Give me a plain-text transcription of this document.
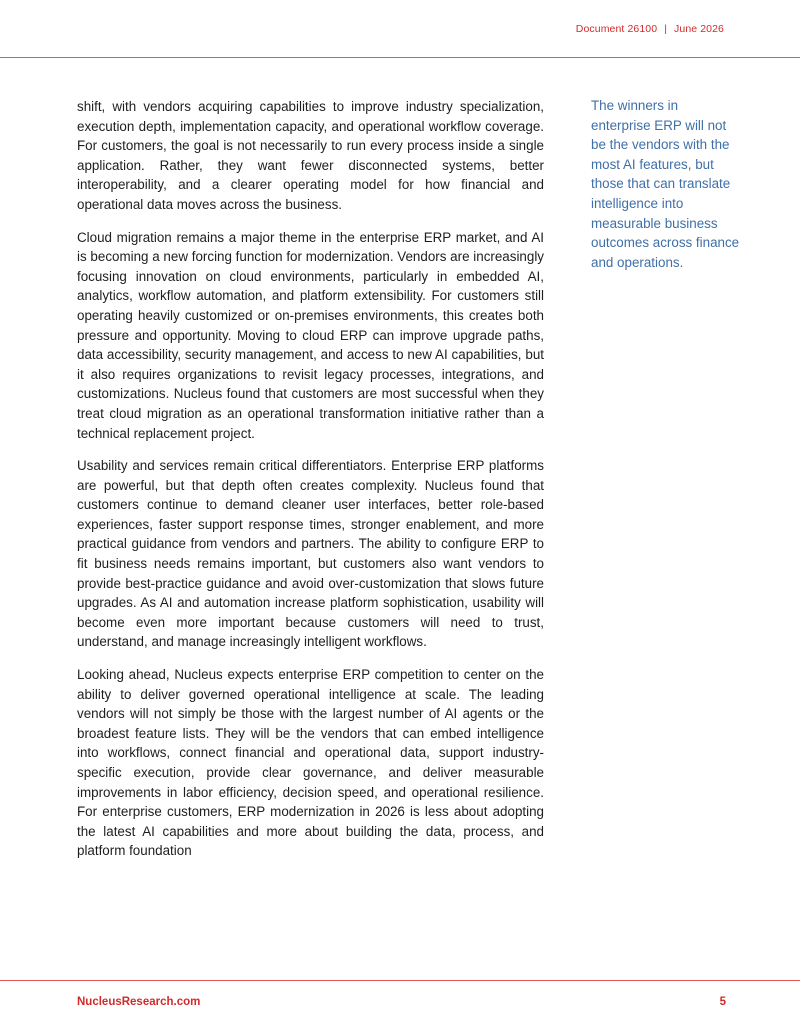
Document 26100 | June 2026

shift, with vendors acquiring capabilities to improve industry specialization, execution depth, implementation capacity, and operational workflow coverage. For customers, the goal is not necessarily to run every process inside a single application. Rather, they want fewer disconnected systems, better interoperability, and a clearer operating model for how financial and operational data moves across the business.

Cloud migration remains a major theme in the enterprise ERP market, and AI is becoming a new forcing function for modernization. Vendors are increasingly focusing innovation on cloud environments, particularly in embedded AI, analytics, workflow automation, and platform extensibility. For customers still operating heavily customized or on-premises environments, this creates both pressure and opportunity. Moving to cloud ERP can improve upgrade paths, data accessibility, security management, and access to new AI capabilities, but it also requires organizations to revisit legacy processes, integrations, and customizations. Nucleus found that customers are most successful when they treat cloud migration as an operational transformation initiative rather than a technical replacement project.

Usability and services remain critical differentiators. Enterprise ERP platforms are powerful, but that depth often creates complexity. Nucleus found that customers continue to demand cleaner user interfaces, better role-based experiences, faster support response times, stronger enablement, and more practical guidance from vendors and partners. The ability to configure ERP to fit business needs remains important, but customers also want vendors to provide best-practice guidance and avoid over-customization that slows future upgrades. As AI and automation increase platform sophistication, usability will become even more important because customers will need to trust, understand, and manage increasingly intelligent workflows.

Looking ahead, Nucleus expects enterprise ERP competition to center on the ability to deliver governed operational intelligence at scale. The leading vendors will not simply be those with the largest number of AI agents or the broadest feature lists. They will be the vendors that can embed intelligence into workflows, connect financial and operational data, support industry-specific execution, provide clear governance, and deliver measurable improvements in labor efficiency, decision speed, and operational resilience. For enterprise customers, ERP modernization in 2026 is less about adopting the latest AI capabilities and more about building the data, process, and platform foundation

The winners in enterprise ERP will not be the vendors with the most AI features, but those that can translate intelligence into measurable business outcomes across finance and operations.

NucleusResearch.com	5
